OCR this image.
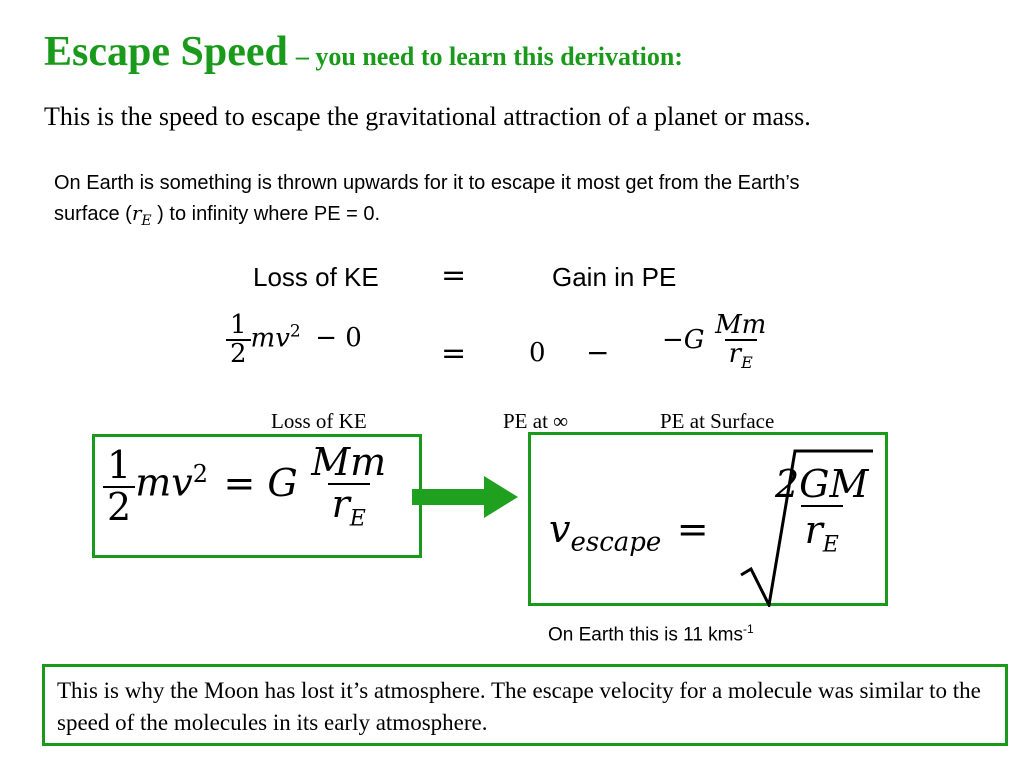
Escape Speed – you need to learn this derivation:
This is the speed to escape the gravitational attraction of a planet or mass.
On Earth is something is thrown upwards for it to escape it most get from the Earth’s
surface ($r_E$ ) to infinity where PE = 0.
Loss of KE =	Gain in PE
$\frac{1}{2} mv^2 - 0$	= $0 - -G \frac{Mm}{r_E}$
Loss of KE	PE at ∞	PE at Surface
$\frac{1}{2} mv^2 = G \frac{Mm}{r_E}$	$v_{escape} = \frac{2GM}{r_E}$
On Earth this is 11 kms$^{-1}$
This is why the Moon has lost it’s atmosphere. The escape velocity for a molecule was similar to the speed of the molecules in its early atmosphere.
